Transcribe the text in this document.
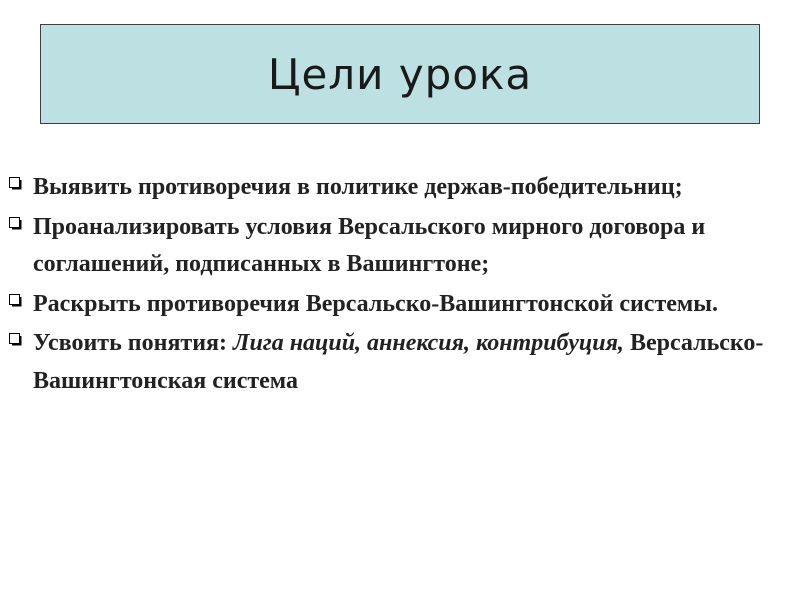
Цели урока
Выявить противоречия в политике держав-победительниц;
Проанализировать условия Версальского мирного договора и соглашений, подписанных в Вашингтоне;
Раскрыть противоречия Версальско-Вашингтонской системы.
Усвоить понятия: Лига наций, аннексия, контрибуция, Версальско-Вашингтонская система
